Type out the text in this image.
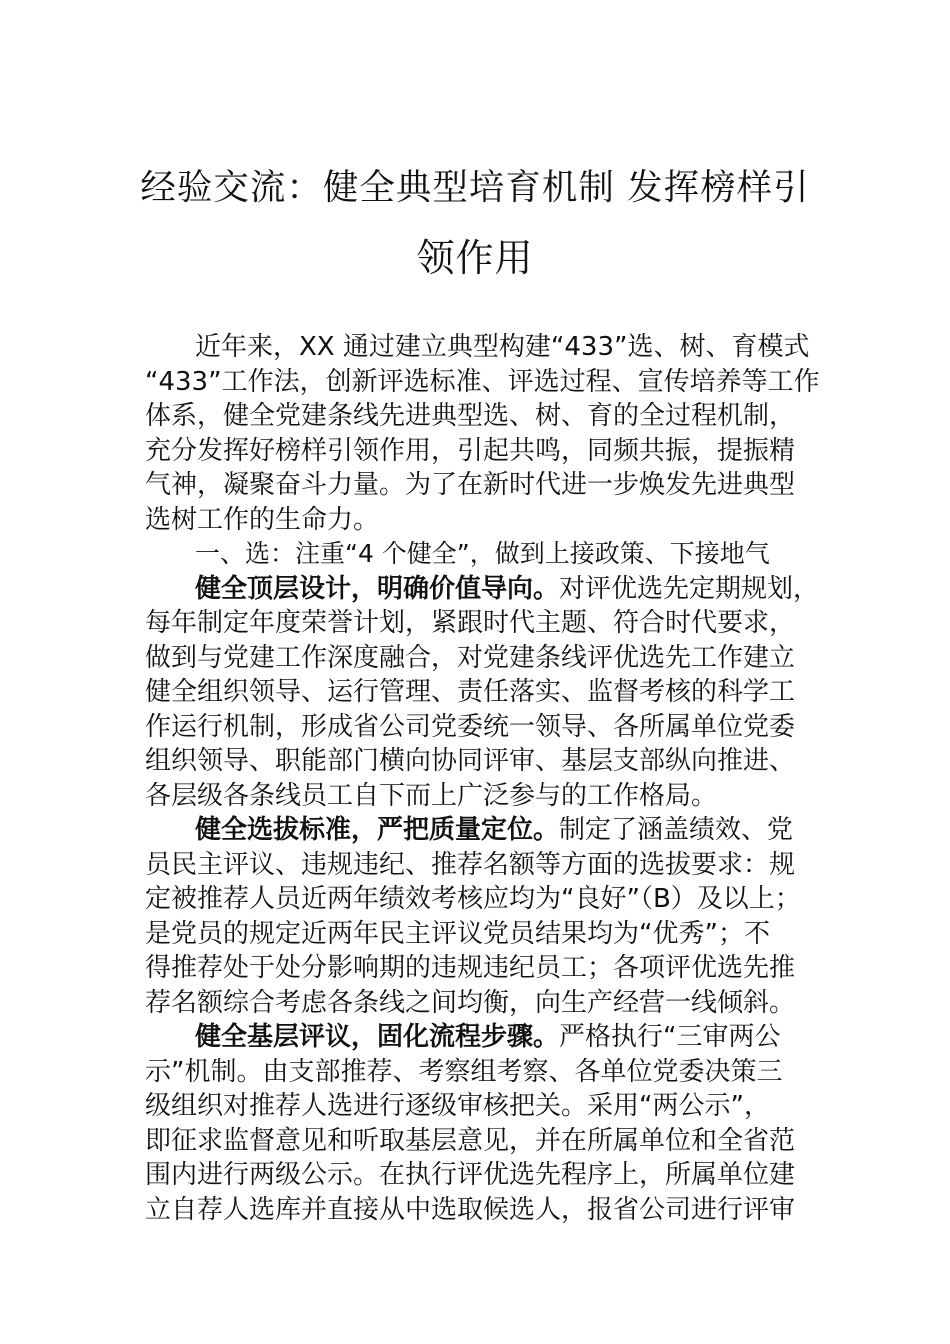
经验交流：健全典型培育机制 发挥榜样引
领作用
近年来，XX 通过建立典型构建“433”选、树、育模式
“433”工作法，创新评选标准、评选过程、宣传培养等工作
体系，健全党建条线先进典型选、树、育的全过程机制，
充分发挥好榜样引领作用，引起共鸣，同频共振，提振精
气神，凝聚奋斗力量。为了在新时代进一步焕发先进典型
选树工作的生命力。
一、选：注重“4 个健全”，做到上接政策、下接地气
健全顶层设计，明确价值导向。对评优选先定期规划，
每年制定年度荣誉计划，紧跟时代主题、符合时代要求，
做到与党建工作深度融合，对党建条线评优选先工作建立
健全组织领导、运行管理、责任落实、监督考核的科学工
作运行机制，形成省公司党委统一领导、各所属单位党委
组织领导、职能部门横向协同评审、基层支部纵向推进、
各层级各条线员工自下而上广泛参与的工作格局。
健全选拔标准，严把质量定位。制定了涵盖绩效、党
员民主评议、违规违纪、推荐名额等方面的选拔要求：规
定被推荐人员近两年绩效考核应均为“良好”（B）及以上；
是党员的规定近两年民主评议党员结果均为“优秀”；不
得推荐处于处分影响期的违规违纪员工；各项评优选先推
荐名额综合考虑各条线之间均衡，向生产经营一线倾斜。
健全基层评议，固化流程步骤。严格执行“三审两公
示”机制。由支部推荐、考察组考察、各单位党委决策三
级组织对推荐人选进行逐级审核把关。采用“两公示”，
即征求监督意见和听取基层意见，并在所属单位和全省范
围内进行两级公示。在执行评优选先程序上，所属单位建
立自荐人选库并直接从中选取候选人，报省公司进行评审
